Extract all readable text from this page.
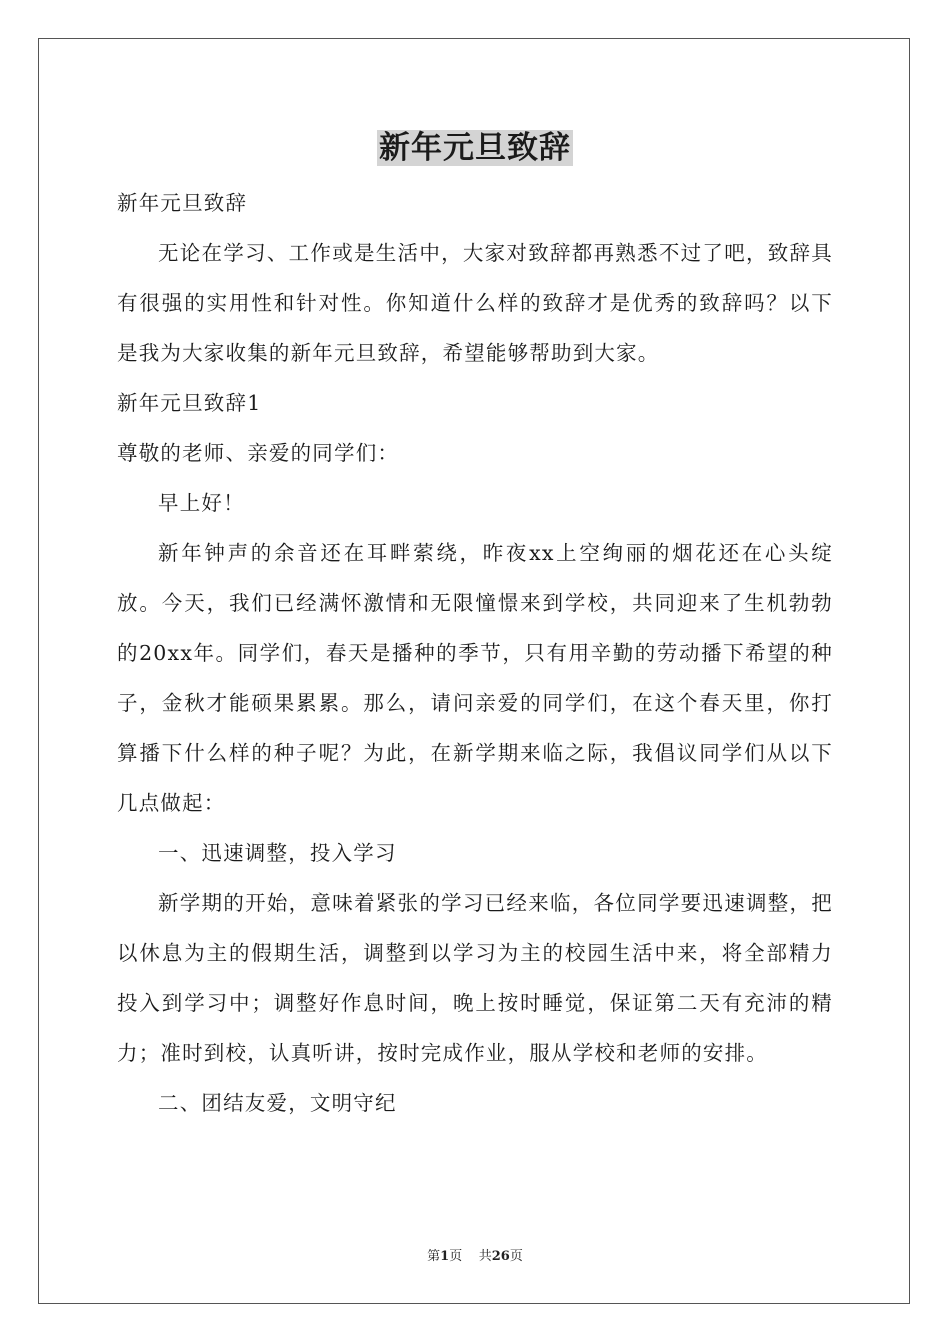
新年元旦致辞

新年元旦致辞

无论在学习、工作或是生活中，大家对致辞都再熟悉不过了吧，致辞具有很强的实用性和针对性。你知道什么样的致辞才是优秀的致辞吗？以下是我为大家收集的新年元旦致辞，希望能够帮助到大家。

新年元旦致辞1

尊敬的老师、亲爱的同学们：

早上好！

新年钟声的余音还在耳畔萦绕，昨夜xx上空绚丽的烟花还在心头绽放。今天，我们已经满怀激情和无限憧憬来到学校，共同迎来了生机勃勃的20xx年。同学们，春天是播种的季节，只有用辛勤的劳动播下希望的种子，金秋才能硕果累累。那么，请问亲爱的同学们，在这个春天里，你打算播下什么样的种子呢？为此，在新学期来临之际，我倡议同学们从以下几点做起：

一、迅速调整，投入学习

新学期的开始，意味着紧张的学习已经来临，各位同学要迅速调整，把以休息为主的假期生活，调整到以学习为主的校园生活中来，将全部精力投入到学习中；调整好作息时间，晚上按时睡觉，保证第二天有充沛的精力；准时到校，认真听讲，按时完成作业，服从学校和老师的安排。

二、团结友爱，文明守纪

第1页 共26页
